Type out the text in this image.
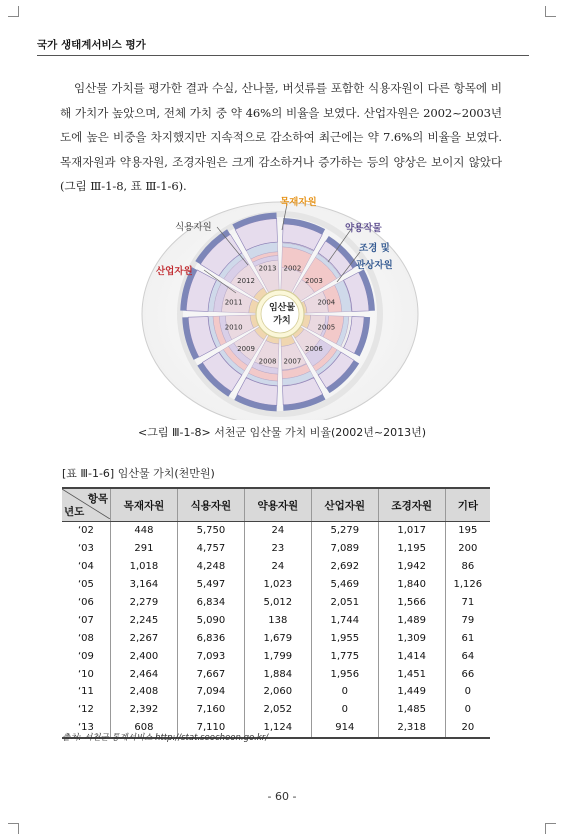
국가 생태계서비스 평가

임산물 가치를 평가한 결과 수실, 산나물, 버섯류를 포함한 식용자원이 다른 항목에 비해 가치가 높았으며, 전체 가치 중 약 46%의 비율을 보였다. 산업자원은 2002~2003년도에 높은 비중을 차지했지만 지속적으로 감소하여 최근에는 약 7.6%의 비율을 보였다. 목재자원과 약용자원, 조경자원은 크게 감소하거나 증가하는 등의 양상은 보이지 않았다(그림 Ⅲ-1-8, 표 Ⅲ-1-6).

2002
2003
2004
2005
2006
2007
2008
2009
2010
2011
2012
2013
목재자원
약용작물
조경 및
관상자원
식용자원
산업자원
임산물
가치
<그림 Ⅲ-1-8> 서천군 임산물 가치 비율(2002년~2013년)
[표 Ⅲ-1-6] 임산물 가치(천만원)
항목
년도	목재자원	식용자원	약용자원	산업자원	조경자원	기타
‘02	448	5,750	24	5,279	1,017	195
‘03	291	4,757	23	7,089	1,195	200
‘04	1,018	4,248	24	2,692	1,942	86
‘05	3,164	5,497	1,023	5,469	1,840	1,126
‘06	2,279	6,834	5,012	2,051	1,566	71
‘07	2,245	5,090	138	1,744	1,489	79
‘08	2,267	6,836	1,679	1,955	1,309	61
‘09	2,400	7,093	1,799	1,775	1,414	64
‘10	2,464	7,667	1,884	1,956	1,451	66
‘11	2,408	7,094	2,060	0	1,449	0
‘12	2,392	7,160	2,052	0	1,485	0
‘13	608	7,110	1,124	914	2,318	20
출처: 서천군 통계서비스 http://stat.seocheon.go.kr/
- 60 -
